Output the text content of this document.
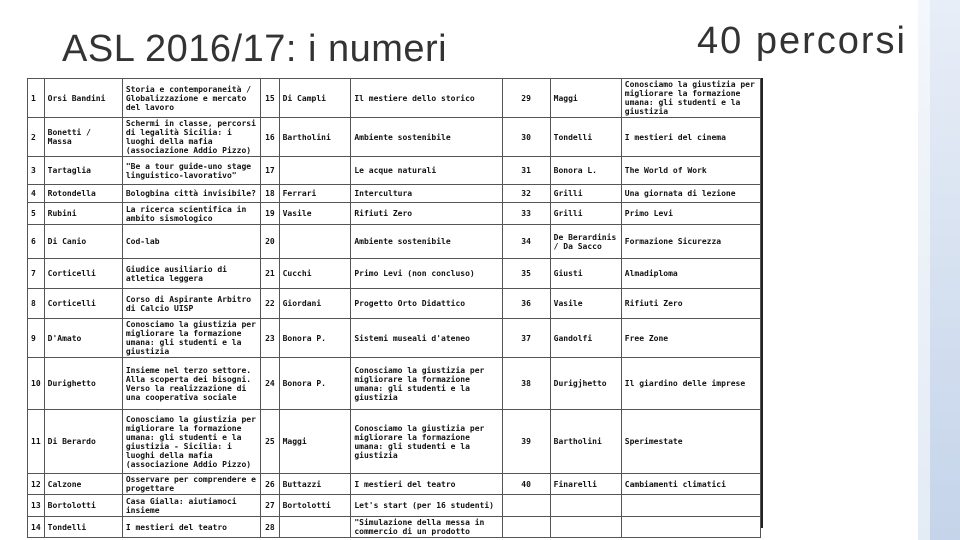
ASL 2016/17: i numeri	40 percorsi
1	Orsi Bandini	Storia e contemporaneità / Globalizzazione e mercato del lavoro	15	Di Campli	Il mestiere dello storico	29	Maggi	Conosciamo la giustizia per migliorare la formazione umana: gli studenti e la giustizia
2	Bonetti / Massa	Schermi in classe, percorsi di legalità Sicilia: i luoghi della mafia (associazione Addio Pizzo)	16	Bartholini	Ambiente sostenibile	30	Tondelli	I mestieri del cinema
3	Tartaglia	"Be a tour guide-uno stage linguistico-lavorativo"	17		Le acque naturali	31	Bonora L.	The World of Work
4	Rotondella	Bologbina città invisibile?	18	Ferrari	Intercultura	32	Grilli	Una giornata di lezione
5	Rubini	La ricerca scientifica in ambito sismologico	19	Vasile	Rifiuti Zero	33	Grilli	Primo Levi
6	Di Canio	Cod-lab	20		Ambiente sostenibile	34	De Berardinis / Da Sacco	Formazione Sicurezza
7	Corticelli	Giudice ausiliario di atletica leggera	21	Cucchi	Primo Levi (non concluso)	35	Giusti	Almadiploma
8	Corticelli	Corso di Aspirante Arbitro di Calcio UISP	22	Giordani	Progetto Orto Didattico	36	Vasile	Rifiuti Zero
9	D'Amato	Conosciamo la giustizia per migliorare la formazione umana: gli studenti e la giustizia	23	Bonora P.	Sistemi museali d'ateneo	37	Gandolfi	Free Zone
10	Durighetto	Insieme nel terzo settore. Alla scoperta dei bisogni. Verso la realizzazione di una cooperativa sociale	24	Bonora P.	Conosciamo la giustizia per migliorare la formazione umana: gli studenti e la giustizia	38	Durigjhetto	Il giardino delle imprese
11	Di Berardo	Conosciamo la giustizia per migliorare la formazione umana: gli studenti e la giustizia - Sicilia: i luoghi della mafia (associazione Addio Pizzo)	25	Maggi	Conosciamo la giustizia per migliorare la formazione umana: gli studenti e la giustizia	39	Bartholini	Sperimestate
12	Calzone	Osservare per comprendere e progettare	26	Buttazzi	I mestieri del teatro	40	Finarelli	Cambiamenti climatici
13	Bortolotti	Casa Gialla: aiutiamoci insieme	27	Bortolotti	Let's start (per 16 studenti)			
14	Tondelli	I mestieri del teatro	28		"Simulazione della messa in commercio di un prodotto			
